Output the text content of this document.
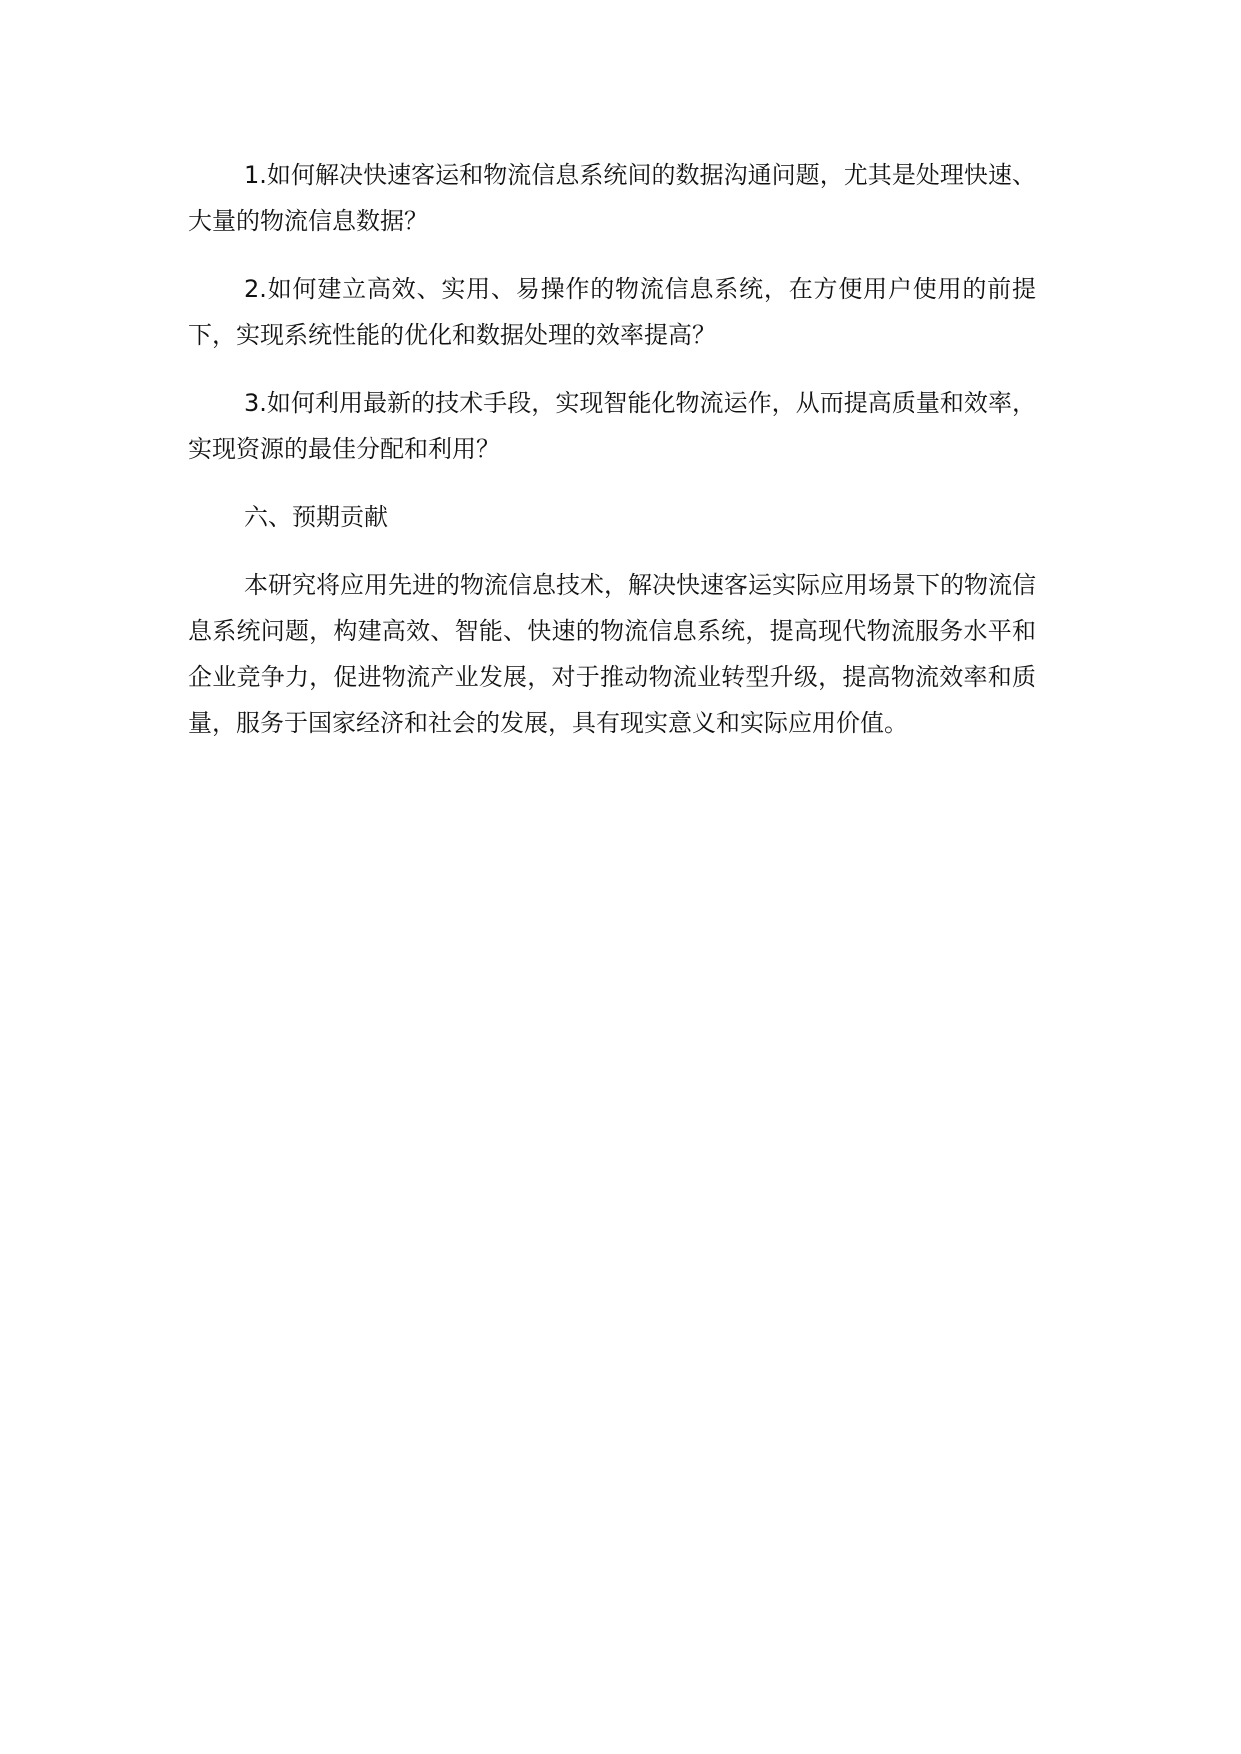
1.如何解决快速客运和物流信息系统间的数据沟通问题，尤其是处理快速、大量的物流信息数据？

2.如何建立高效、实用、易操作的物流信息系统，在方便用户使用的前提下，实现系统性能的优化和数据处理的效率提高？

3.如何利用最新的技术手段，实现智能化物流运作，从而提高质量和效率，实现资源的最佳分配和利用？

六、预期贡献

本研究将应用先进的物流信息技术，解决快速客运实际应用场景下的物流信息系统问题，构建高效、智能、快速的物流信息系统，提高现代物流服务水平和企业竞争力，促进物流产业发展，对于推动物流业转型升级，提高物流效率和质量，服务于国家经济和社会的发展，具有现实意义和实际应用价值。
